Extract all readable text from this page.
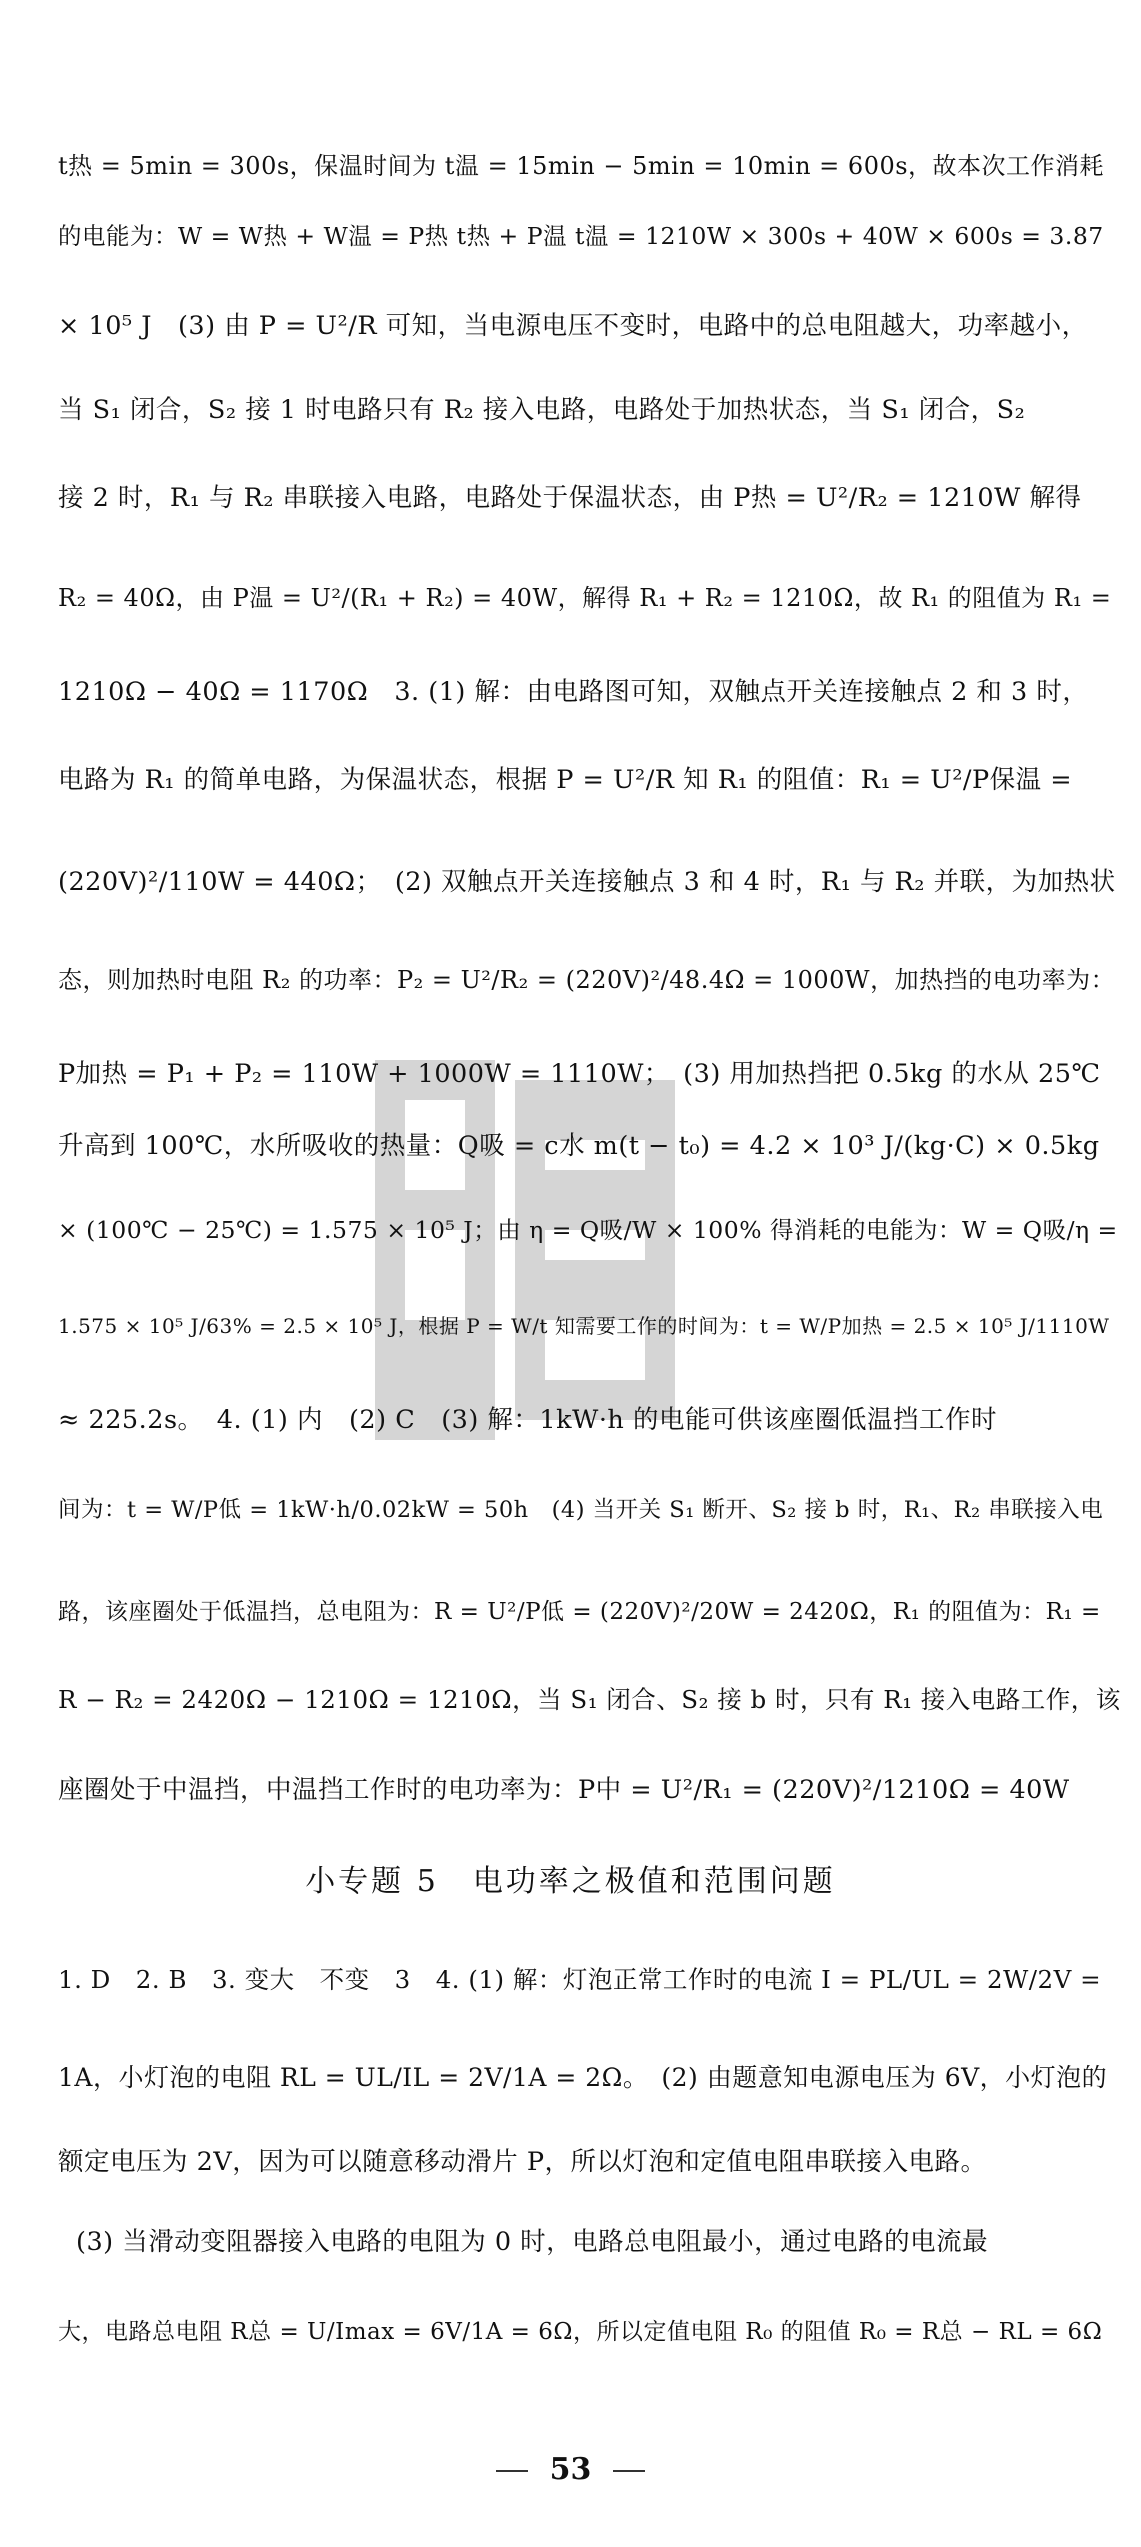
t热 = 5min = 300s，保温时间为 t温 = 15min − 5min = 10min = 600s，故本次工作消耗
的电能为：W = W热 + W温 = P热 t热 + P温 t温 = 1210W × 300s + 40W × 600s = 3.87
× 10⁵ J　(3) 由 P = U²/R 可知，当电源电压不变时，电路中的总电阻越大，功率越小，
当 S₁ 闭合，S₂ 接 1 时电路只有 R₂ 接入电路，电路处于加热状态，当 S₁ 闭合，S₂
接 2 时，R₁ 与 R₂ 串联接入电路，电路处于保温状态，由 P热 = U²/R₂ = 1210W 解得
R₂ = 40Ω，由 P温 = U²/(R₁ + R₂) = 40W，解得 R₁ + R₂ = 1210Ω，故 R₁ 的阻值为 R₁ =
1210Ω − 40Ω = 1170Ω　3. (1) 解：由电路图可知，双触点开关连接触点 2 和 3 时，
电路为 R₁ 的简单电路，为保温状态，根据 P = U²/R 知 R₁ 的阻值：R₁ = U²/P保温 =
(220V)²/110W = 440Ω；　(2) 双触点开关连接触点 3 和 4 时，R₁ 与 R₂ 并联，为加热状
态，则加热时电阻 R₂ 的功率：P₂ = U²/R₂ = (220V)²/48.4Ω = 1000W，加热挡的电功率为：
P加热 = P₁ + P₂ = 110W + 1000W = 1110W；　(3) 用加热挡把 0.5kg 的水从 25℃
升高到 100℃，水所吸收的热量：Q吸 = c水 m(t − t₀) = 4.2 × 10³ J/(kg·C) × 0.5kg
× (100℃ − 25℃) = 1.575 × 10⁵ J；由 η = Q吸/W × 100% 得消耗的电能为：W = Q吸/η =
1.575 × 10⁵ J/63% = 2.5 × 10⁵ J，根据 P = W/t 知需要工作的时间为：t = W/P加热 = 2.5 × 10⁵ J/1110W
≈ 225.2s。　4. (1) 内　(2) C　(3) 解：1kW·h 的电能可供该座圈低温挡工作时
间为：t = W/P低 = 1kW·h/0.02kW = 50h　(4) 当开关 S₁ 断开、S₂ 接 b 时，R₁、R₂ 串联接入电
路，该座圈处于低温挡，总电阻为：R = U²/P低 = (220V)²/20W = 2420Ω，R₁ 的阻值为：R₁ =
R − R₂ = 2420Ω − 1210Ω = 1210Ω，当 S₁ 闭合、S₂ 接 b 时，只有 R₁ 接入电路工作，该
座圈处于中温挡，中温挡工作时的电功率为：P中 = U²/R₁ = (220V)²/1210Ω = 40W
小专题 5 电功率之极值和范围问题
1. D　2. B　3. 变大　不变　3　4. (1) 解：灯泡正常工作时的电流 I = PL/UL = 2W/2V =
1A，小灯泡的电阻 RL = UL/IL = 2V/1A = 2Ω。　(2) 由题意知电源电压为 6V，小灯泡的
额定电压为 2V，因为可以随意移动滑片 P，所以灯泡和定值电阻串联接入电路。
(3) 当滑动变阻器接入电路的电阻为 0 时，电路总电阻最小，通过电路的电流最
大，电路总电阻 R总 = U/Imax = 6V/1A = 6Ω，所以定值电阻 R₀ 的阻值 R₀ = R总 − RL = 6Ω
53
